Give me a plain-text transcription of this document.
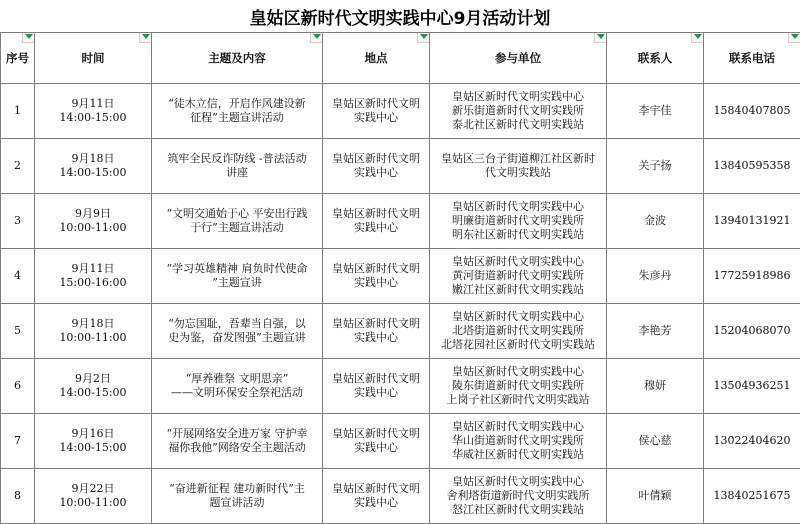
皇姑区新时代文明实践中心9月活动计划
序号	时间	主题及内容	地点	参与单位	联系人	联系电话

1	9月11日
14:00-15:00	“徒木立信，开启作风建设新
征程”主题宣讲活动	皇姑区新时代文明
实践中心	皇姑区新时代文明实践中心
新乐街道新时代文明实践所
泰北社区新时代文明实践站	李宇佳	15840407805
2	9月18日
14:00-15:00	筑牢全民反诈防线 -普法活动
讲座	皇姑区新时代文明
实践中心	皇姑区三台子街道柳江社区新时
代文明实践站	关子扬	13840595358
3	9月9日
10:00-11:00	“文明交通始于心 平安出行践
于行”主题宣讲活动	皇姑区新时代文明
实践中心	皇姑区新时代文明实践中心
明廉街道新时代文明实践所
明东社区新时代文明实践站	金波	13940131921
4	9月11日
15:00-16:00	“学习英雄精神 肩负时代使命
”主题宣讲	皇姑区新时代文明
实践中心	皇姑区新时代文明实践中心
黄河街道新时代文明实践所
嫩江社区新时代文明实践站	朱彦丹	17725918986
5	9月18日
10:00-11:00	“勿忘国耻，吾辈当自强，以
史为鉴，奋发图强”主题宣讲	皇姑区新时代文明
实践中心	皇姑区新时代文明实践中心
北塔街道新时代文明实践所
北塔花园社区新时代文明实践站	李艳芳	15204068070
6	9月2日
14:00-15:00	“厚养雅祭 文明思亲”
——文明环保安全祭祀活动	皇姑区新时代文明
实践中心	皇姑区新时代文明实践中心
陵东街道新时代文明实践所
上岗子社区新时代文明实践站	穆妍	13504936251
7	9月16日
14:00-15:00	“开展网络安全进万家 守护幸
福你我他”网络安全主题活动	皇姑区新时代文明
实践中心	皇姑区新时代文明实践中心
华山街道新时代文明实践所
华威社区新时代文明实践站	侯心慈	13022404620
8	9月22日
10:00-11:00	“奋进新征程 建功新时代”主
题宣讲活动	皇姑区新时代文明
实践中心	皇姑区新时代文明实践中心
舍利塔街道新时代文明实践所
怒江社区新时代文明实践站	叶倩颖	13840251675
